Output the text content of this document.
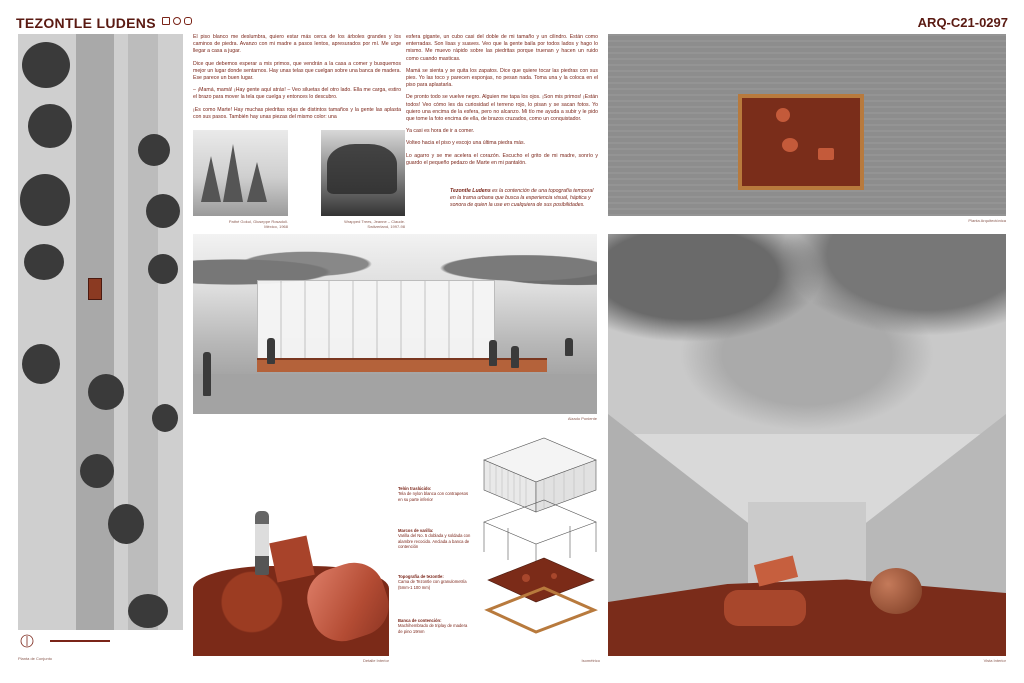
TEZONTLE LUDENS	ARQ-C21-0297
Planta de Conjunto

El piso blanco me deslumbra, quiero estar más cerca de los árboles grandes y los caminos de piedra. Avanzo con mi madre a pasos lentos, apresurados por mí. Me urge llegar a casa a jugar.

Dice que debemos esperar a mis primos, que vendrán a la casa a comer y busquemos mejor un lugar donde sentarnos. Hay unas telas que cuelgan sobre una banca de madera. Ese parece un buen lugar.

– ¡Mamá, mamá! ¡Hay gente aquí atrás! – Veo siluetas del otro lado. Ella me carga, estiro el brazo para mover la tela que cuelga y entonces lo descubro.

¡Es como Marte! Hay muchas piedritas rojas de distintos tamaños y la gente las aplasta con sus pasos. También hay unas piezas del mismo color: una

Pathé Gokul, Giuseppe Rosadoli. México, 1968
Wrapped Trees, Jeanne – Claude. Switzerland, 1997-98

esfera gigante, un cubo casi del doble de mi tamaño y un cilindro. Están como enterradas. Son lisas y suaves. Veo que la gente baila por todos lados y hago lo mismo. Me muevo rápido sobre las piedritas porque truenan y hacen un ruido como cuando masticas.

Mamá se sienta y se quita los zapatos. Dice que quiere tocar las piedras con sus pies. Yo las toco y parecen esponjas, no pesan nada. Toma una y la coloca en el piso para aplastarla.

De pronto todo se vuelve negro. Alguien me tapa los ojos. ¡Son mis primos! ¡Están todos! Veo cómo les da curiosidad el terreno rojo, lo pisan y se sacan fotos. Yo quiero una encima de la esfera, pero no alcanzo. Mi tío me ayuda a subir y le pido que tome la foto encima de ella, de brazos cruzados, como un conquistador.

Ya casi es hora de ir a comer.

Volteo hacia el piso y escojo una última piedra más.

Lo agarro y se me acelera el corazón. Escucho el grito de mi madre, sonrío y guardo el pequeño pedazo de Marte en mi pantalón.

Tezontle Ludens es la contención de una topografía temporal en la trama urbana que busca la experiencia visual, háptica y sonora de quien la use en cualquiera de sus posibilidades.
Planta Arquitectónica
Alzado Poniente
Detalle Interior
Telón traslúcido:
Tela de nylon blanca con contrapesos en su parte inferior
Marcos de varilla:
Varilla del No. 5 doblada y soldada con alambre recocido. Anclada a banca de contención
Topografía de tezontle:
Cama de Tezontle con granulometría (5mm-1 100 mm)
Banca de contención:
Machihembrado de triplay de madera de pino 19mm
Isométrico	Vista Interior
